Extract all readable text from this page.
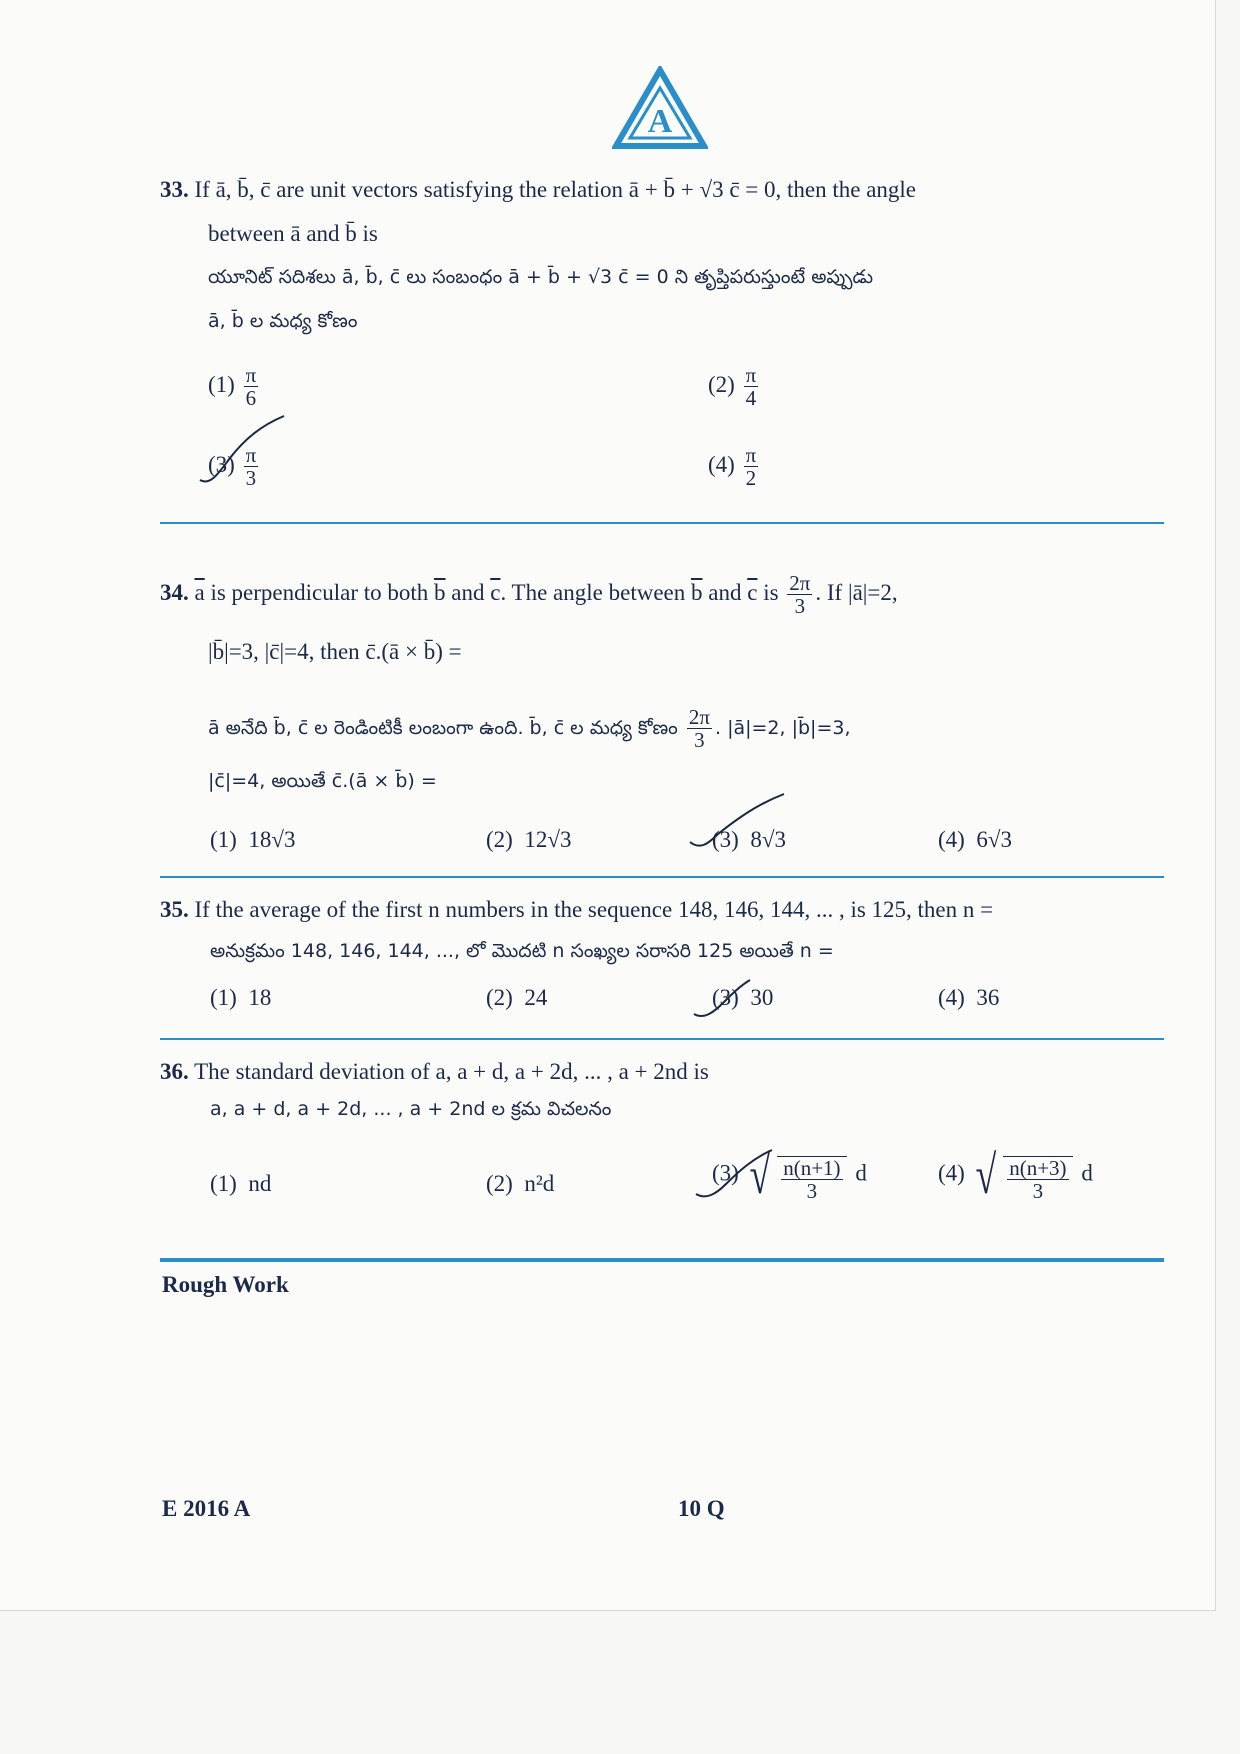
A
33. If ā, b̄, c̄ are unit vectors satisfying the relation ā + b̄ + √3 c̄ = 0, then the angle
between ā and b̄ is
యూనిట్ సదిశలు ā, b̄, c̄ లు సంబంధం ā + b̄ + √3 c̄ = 0 ని తృప్తిపరుస్తుంటే అప్పుడు
ā, b̄ ల మధ్య కోణం
$(1) \frac{\pi}{6}$	$(2) \frac{\pi}{4}$
$(3) \frac{\pi}{3}$	$(4) \frac{\pi}{2}$
34. $\overline{a}$ is perpendicular to both $\overline{b}$ and $\overline{c}$. The angle between $\overline{b}$ and $\overline{c}$ is $\frac{2\pi}{3}$ . If |ā|=2,
|b̄|=3, |c̄|=4, then c̄.(ā × b̄) =
ā అనేది b̄, c̄ ల రెండింటికీ లంబంగా ఉంది. b̄, c̄ ల మధ్య కోణం $\frac{2\pi}{3}$ . |ā|=2, |b̄|=3,
|c̄|=4, అయితే c̄.(ā × b̄) =
(1) 18√3	(2) 12√3	(3) 8√3	(4) 6√3
35. If the average of the first n numbers in the sequence 148, 146, 144, ... , is 125, then n =
అనుక్రమం 148, 146, 144, ..., లో మొదటి n సంఖ్యల సరాసరి 125 అయితే n =
(1) 18	(2) 24	(3) 30	(4) 36
36. The standard deviation of a, a + d, a + 2d, ... , a + 2nd is
a, a + d, a + 2d, ... , a + 2nd ల క్రమ విచలనం
(1) nd	(2) n²d	(3) √ $\frac{n(n+1)}{3}$ d	(4) √ $\frac{n(n+3)}{3}$ d
Rough Work
E 2016 A	10 Q
